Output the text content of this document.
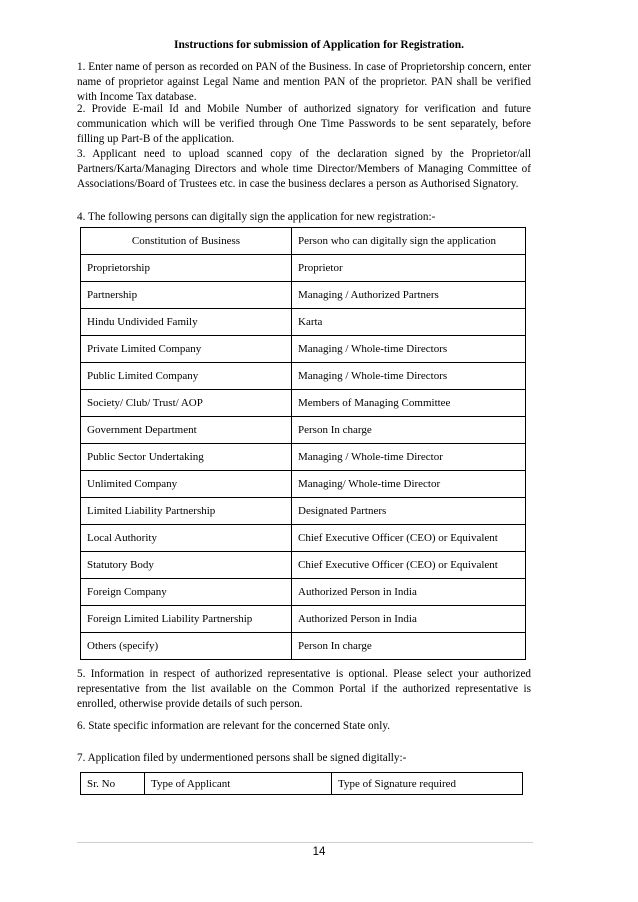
Instructions for submission of Application for Registration.
1. Enter name of person as recorded on PAN of the Business. In case of Proprietorship concern, enter name of proprietor against Legal Name and mention PAN of the proprietor. PAN shall be verified with Income Tax database.
2. Provide E-mail Id and Mobile Number of authorized signatory for verification and future communication which will be verified through One Time Passwords to be sent separately, before filling up Part-B of the application.
3. Applicant need to upload scanned copy of the declaration signed by the Proprietor/all Partners/Karta/Managing Directors and whole time Director/Members of Managing Committee of Associations/Board of Trustees etc. in case the business declares a person as Authorised Signatory.
4. The following persons can digitally sign the application for new registration:-
Constitution of Business	Person who can digitally sign the application
Proprietorship	Proprietor
Partnership	Managing / Authorized Partners
Hindu Undivided Family	Karta
Private Limited Company	Managing / Whole-time Directors
Public Limited Company	Managing / Whole-time Directors
Society/ Club/ Trust/ AOP	Members of Managing Committee
Government Department	Person In charge
Public Sector Undertaking	Managing / Whole-time Director
Unlimited Company	Managing/ Whole-time Director
Limited Liability Partnership	Designated Partners
Local Authority	Chief Executive Officer (CEO) or Equivalent
Statutory Body	Chief Executive Officer (CEO) or Equivalent
Foreign Company	Authorized Person in India
Foreign Limited Liability Partnership	Authorized Person in India
Others (specify)	Person In charge
5. Information in respect of authorized representative is optional. Please select your authorized representative from the list available on the Common Portal if the authorized representative is enrolled, otherwise provide details of such person.
6. State specific information are relevant for the concerned State only.
7. Application filed by undermentioned persons shall be signed digitally:-
Sr. No	Type of Applicant	Type of Signature required
14
